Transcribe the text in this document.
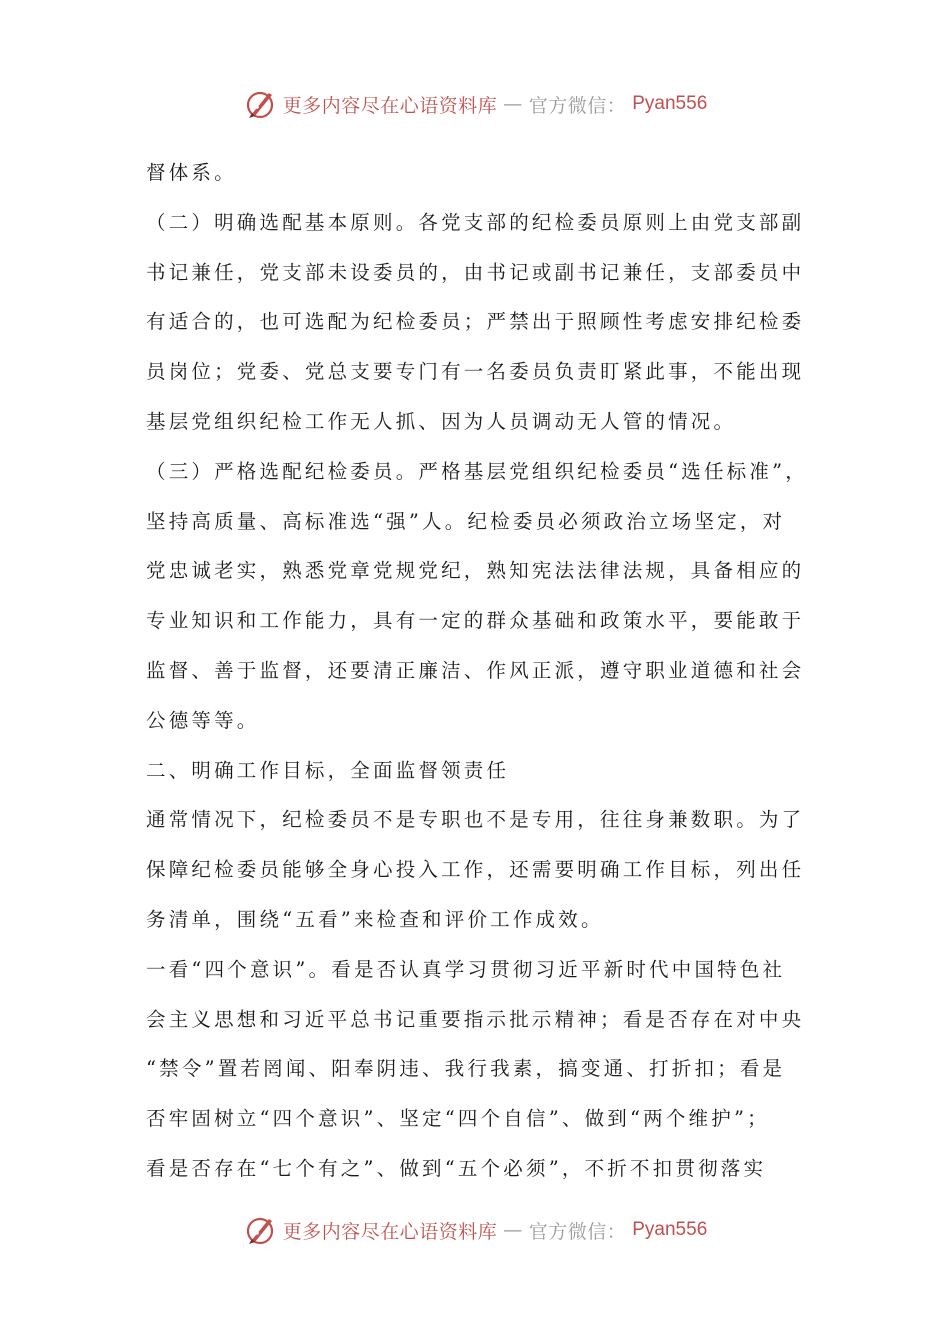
更多内容尽在心语资料库 — 官方微信： Pyan556
督体系。
（二）明确选配基本原则。各党支部的纪检委员原则上由党支部副
书记兼任，党支部未设委员的，由书记或副书记兼任，支部委员中
有适合的，也可选配为纪检委员；严禁出于照顾性考虑安排纪检委
员岗位；党委、党总支要专门有一名委员负责盯紧此事，不能出现
基层党组织纪检工作无人抓、因为人员调动无人管的情况。
（三）严格选配纪检委员。严格基层党组织纪检委员“选任标准”，
坚持高质量、高标准选“强”人。纪检委员必须政治立场坚定，对
党忠诚老实，熟悉党章党规党纪，熟知宪法法律法规，具备相应的
专业知识和工作能力，具有一定的群众基础和政策水平，要能敢于
监督、善于监督，还要清正廉洁、作风正派，遵守职业道德和社会
公德等等。
二、明确工作目标，全面监督领责任
通常情况下，纪检委员不是专职也不是专用，往往身兼数职。为了
保障纪检委员能够全身心投入工作，还需要明确工作目标，列出任
务清单，围绕“五看”来检查和评价工作成效。
一看“四个意识”。看是否认真学习贯彻习近平新时代中国特色社
会主义思想和习近平总书记重要指示批示精神；看是否存在对中央
“禁令”置若罔闻、阳奉阴违、我行我素，搞变通、打折扣；看是
否牢固树立“四个意识”、坚定“四个自信”、做到“两个维护”；
看是否存在“七个有之”、做到“五个必须”，不折不扣贯彻落实
更多内容尽在心语资料库 — 官方微信： Pyan556
